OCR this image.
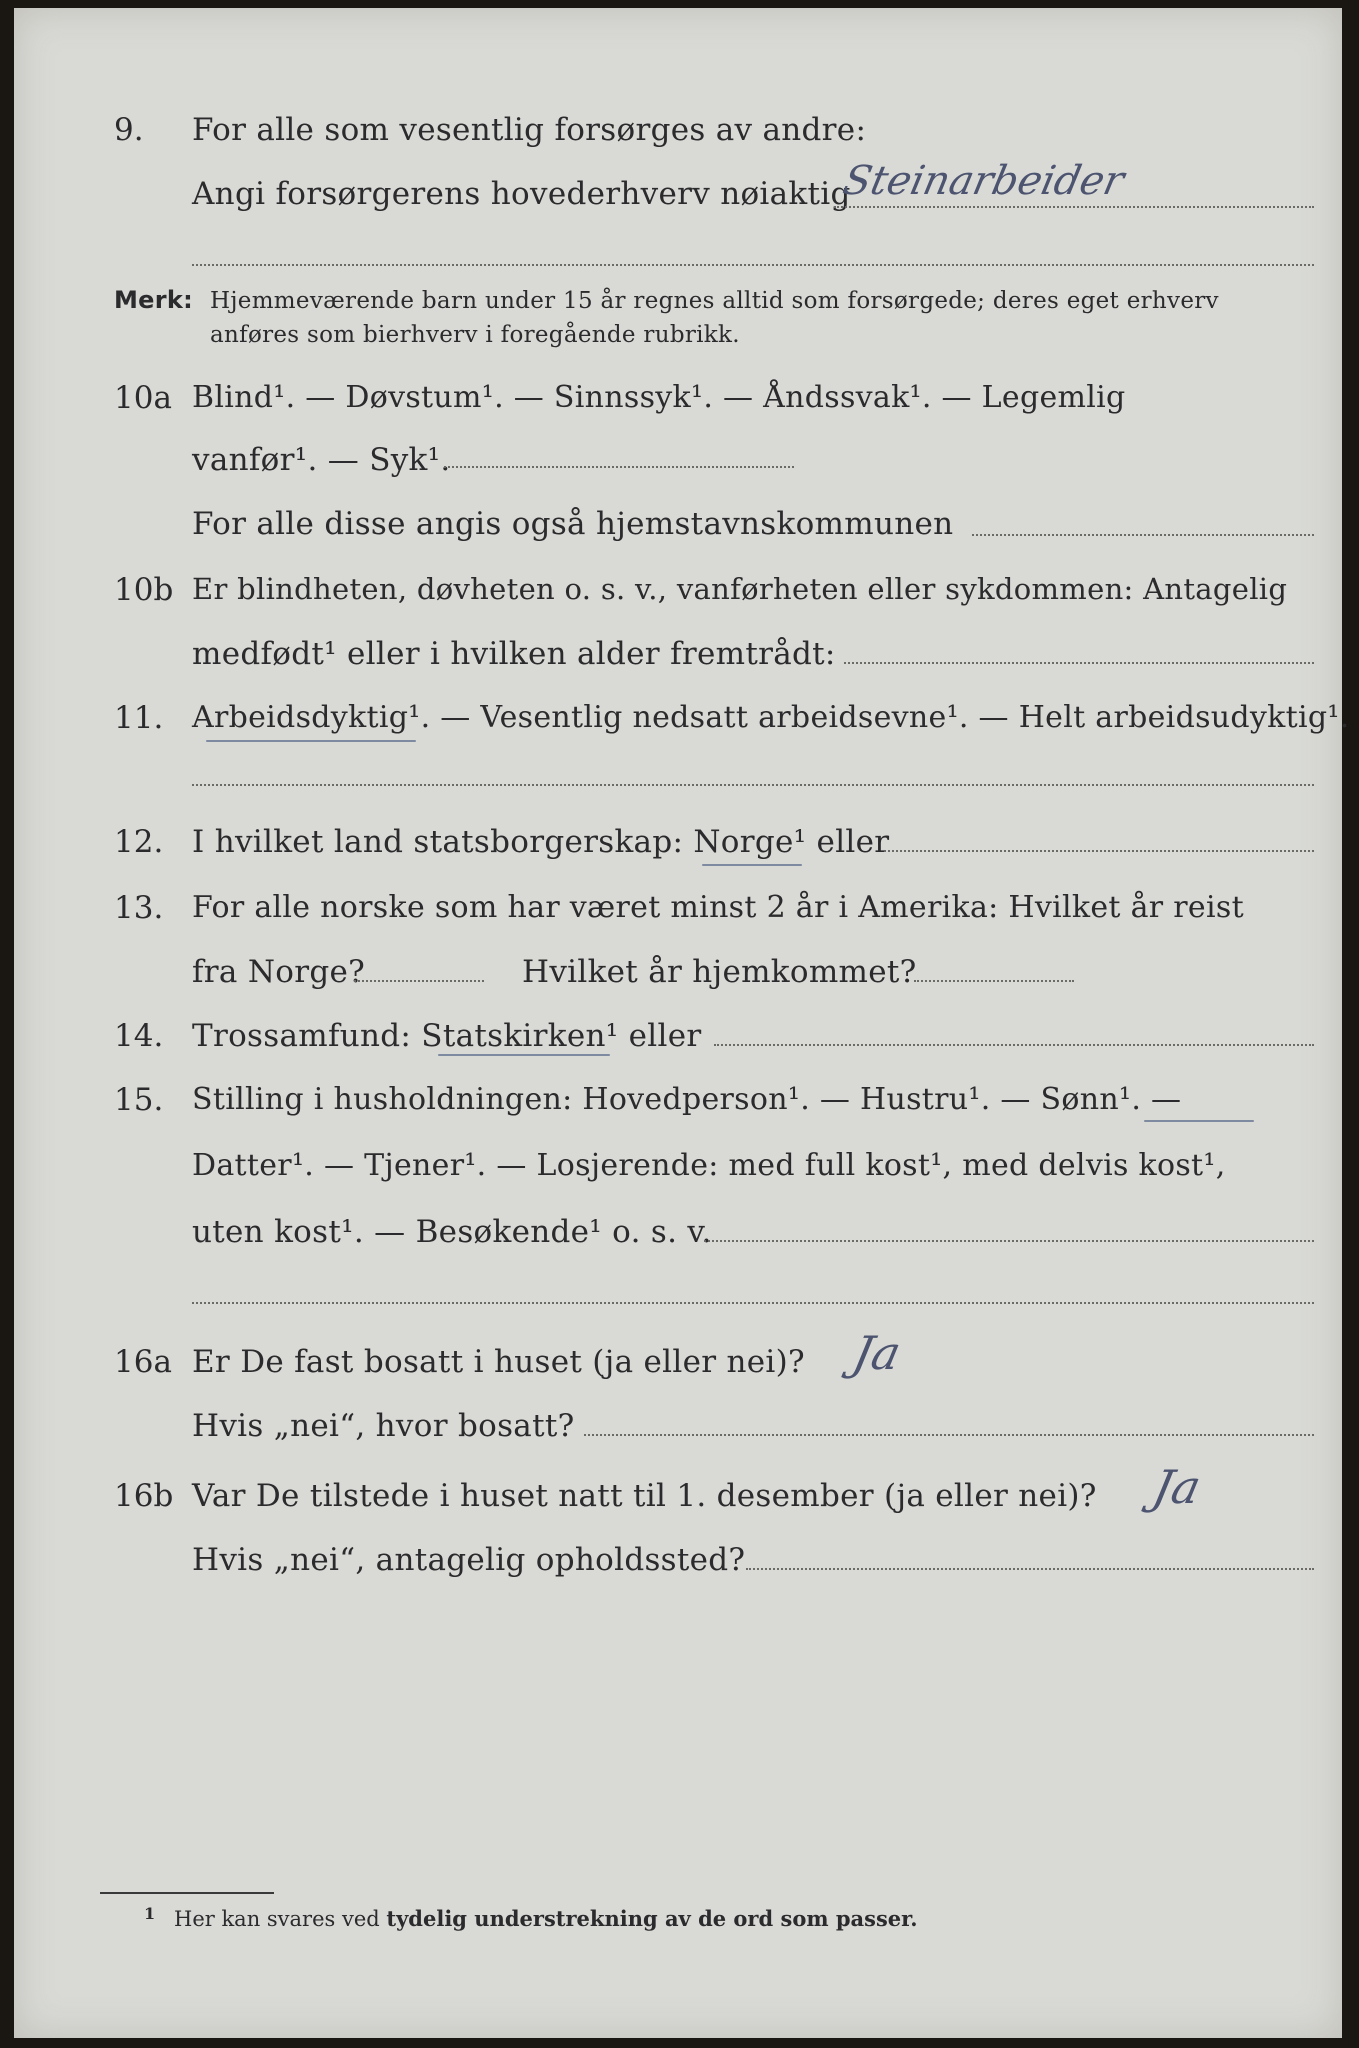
9. For alle som vesentlig forsørges av andre:
Angi forsørgerens hovederhverv nøiaktig
Steinarbeider
Merk: Hjemmeværende barn under 15 år regnes alltid som forsørgede; deres eget erhverv
anføres som bierhverv i foregående rubrikk.
10a Blind¹. — Døvstum¹. — Sinnssyk¹. — Åndssvak¹. — Legemlig
vanfør¹. — Syk¹.
For alle disse angis også hjemstavnskommunen
10b Er blindheten, døvheten o. s. v., vanførheten eller sykdommen: Antagelig
medfødt¹ eller i hvilken alder fremtrådt:
11. Arbeidsdyktig¹. — Vesentlig nedsatt arbeidsevne¹. — Helt arbeidsudyktig¹.
12. I hvilket land statsborgerskap: Norge¹ eller
13. For alle norske som har været minst 2 år i Amerika: Hvilket år reist
fra Norge?	Hvilket år hjemkommet?
14. Trossamfund: Statskirken¹ eller
15. Stilling i husholdningen: Hovedperson¹. — Hustru¹. — Sønn¹. —
Datter¹. — Tjener¹. — Losjerende: med full kost¹, med delvis kost¹,
uten kost¹. — Besøkende¹ o. s. v.
16a Er De fast bosatt i huset (ja eller nei)? Ja
Hvis „nei“, hvor bosatt?
16b Var De tilstede i huset natt til 1. desember (ja eller nei)? Ja
Hvis „nei“, antagelig opholdssted?
1 Her kan svares ved tydelig understrekning av de ord som passer.
